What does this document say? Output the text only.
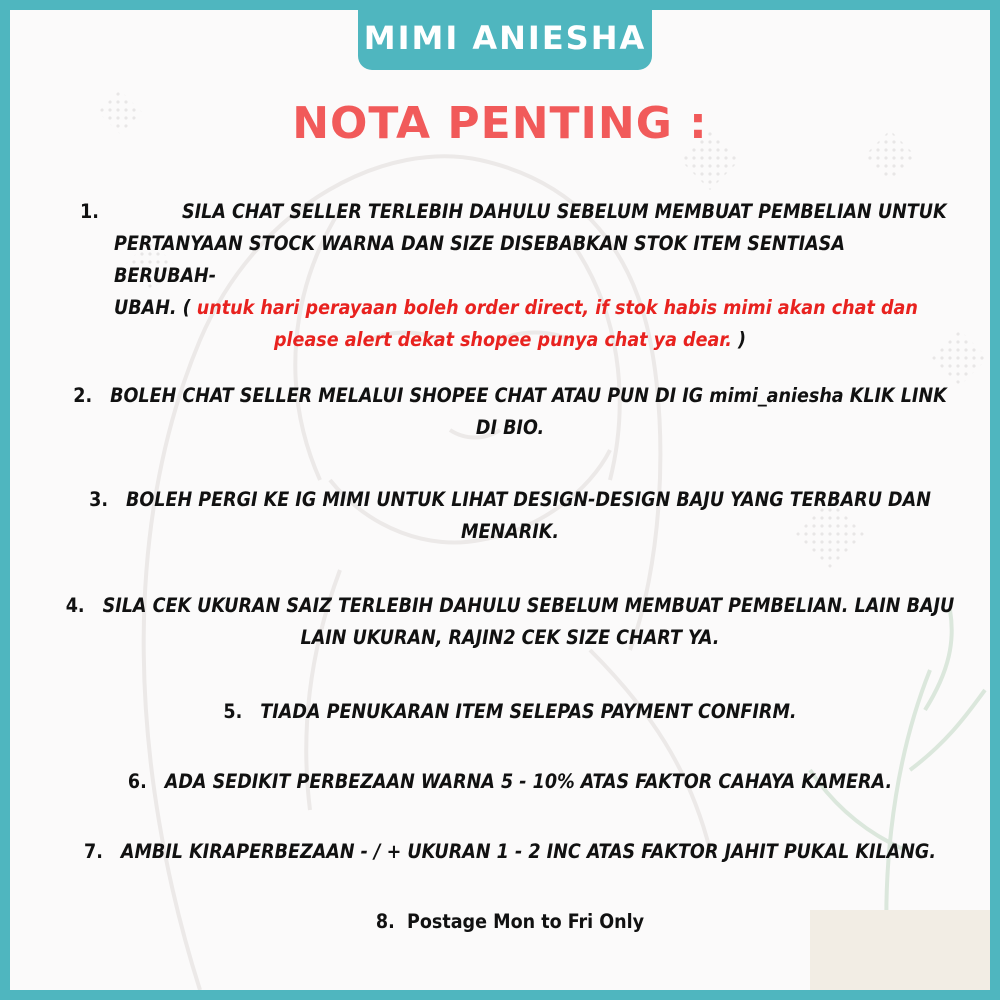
MIMI ANIESHA
NOTA PENTING :
1.	SILA CHAT SELLER TERLEBIH DAHULU SEBELUM MEMBUAT PEMBELIAN UNTUK
PERTANYAAN STOCK WARNA DAN SIZE DISEBABKAN STOK ITEM SENTIASA BERUBAH-
UBAH. ( untuk hari perayaan boleh order direct, if stok habis mimi akan chat dan
please alert dekat shopee punya chat ya dear. )
2. BOLEH CHAT SELLER MELALUI SHOPEE CHAT ATAU PUN DI IG mimi_aniesha KLIK LINK
DI BIO.
3. BOLEH PERGI KE IG MIMI UNTUK LIHAT DESIGN-DESIGN BAJU YANG TERBARU DAN
MENARIK.
4. SILA CEK UKURAN SAIZ TERLEBIH DAHULU SEBELUM MEMBUAT PEMBELIAN. LAIN BAJU
LAIN UKURAN, RAJIN2 CEK SIZE CHART YA.
5. TIADA PENUKARAN ITEM SELEPAS PAYMENT CONFIRM.
6. ADA SEDIKIT PERBEZAAN WARNA 5 - 10% ATAS FAKTOR CAHAYA KAMERA.
7. AMBIL KIRAPERBEZAAN - / + UKURAN 1 - 2 INC ATAS FAKTOR JAHIT PUKAL KILANG.
8. Postage Mon to Fri Only
